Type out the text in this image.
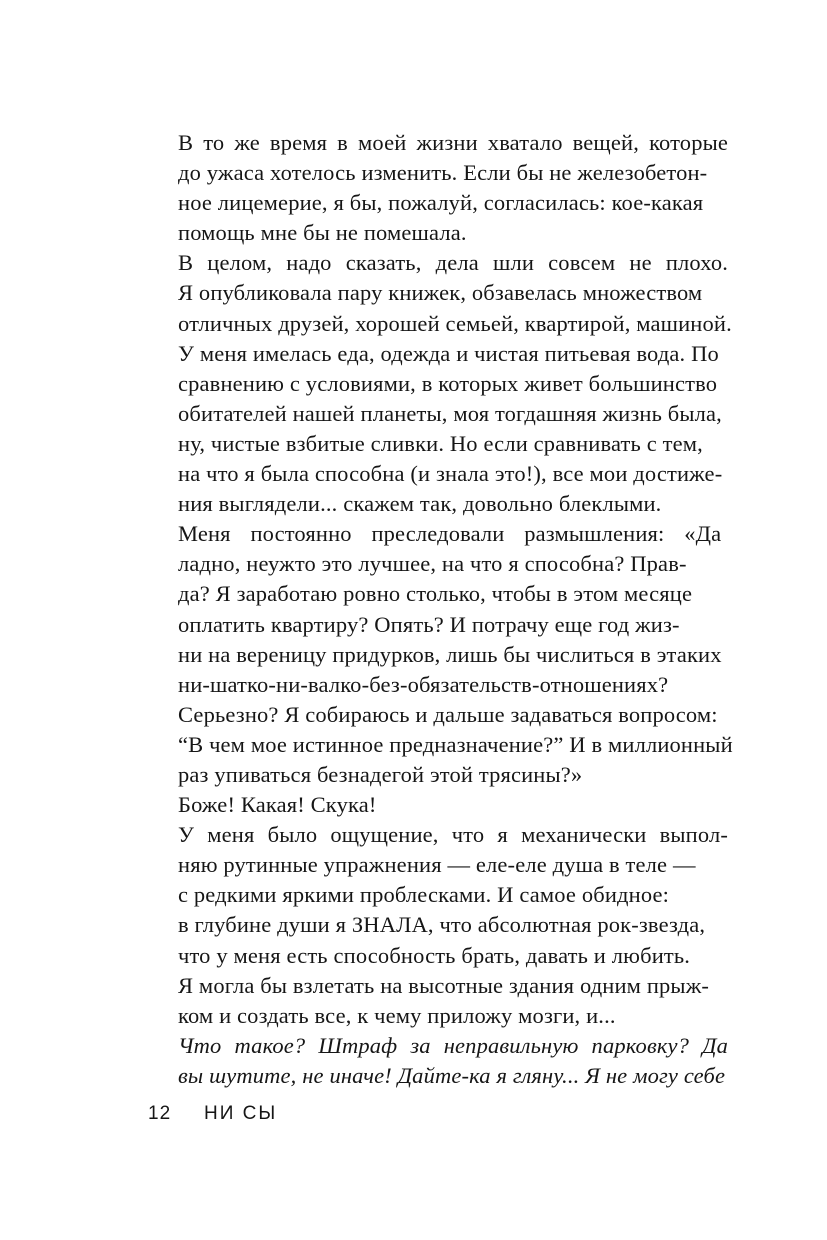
В то же время в моей жизни хватало вещей, которые
до ужаса хотелось изменить. Если бы не железобетон-
ное лицемерие, я бы, пожалуй, согласилась: кое-какая
помощь мне бы не помешала.

В целом, надо сказать, дела шли совсем не плохо.
Я опубликовала пару книжек, обзавелась множеством
отличных друзей, хорошей семьей, квартирой, машиной.
У меня имелась еда, одежда и чистая питьевая вода. По
сравнению с условиями, в которых живет большинство
обитателей нашей планеты, моя тогдашняя жизнь была,
ну, чистые взбитые сливки. Но если сравнивать с тем,
на что я была способна (и знала это!), все мои достиже-
ния выглядели... скажем так, довольно блеклыми.

Меня постоянно преследовали размышления: «Да
ладно, неужто это лучшее, на что я способна? Прав-
да? Я заработаю ровно столько, чтобы в этом месяце
оплатить квартиру? Опять? И потрачу еще год жиз-
ни на вереницу придурков, лишь бы числиться в этаких
ни-шатко-ни-валко-без-обязательств-отношениях?
Серьезно? Я собираюсь и дальше задаваться вопросом:
“В чем мое истинное предназначение?” И в миллионный
раз упиваться безнадегой этой трясины?»

Боже! Какая! Скука!

У меня было ощущение, что я механически выпол-
няю рутинные упражнения — еле-еле душа в теле —
с редкими яркими проблесками. И самое обидное:
в глубине души я ЗНАЛА, что абсолютная рок-звезда,
что у меня есть способность брать, давать и любить.
Я могла бы взлетать на высотные здания одним прыж-
ком и создать все, к чему приложу мозги, и...

Что такое? Штраф за неправильную парковку? Да
вы шутите, не иначе! Дайте-ка я гляну... Я не могу себе

12 НИ СЫ
